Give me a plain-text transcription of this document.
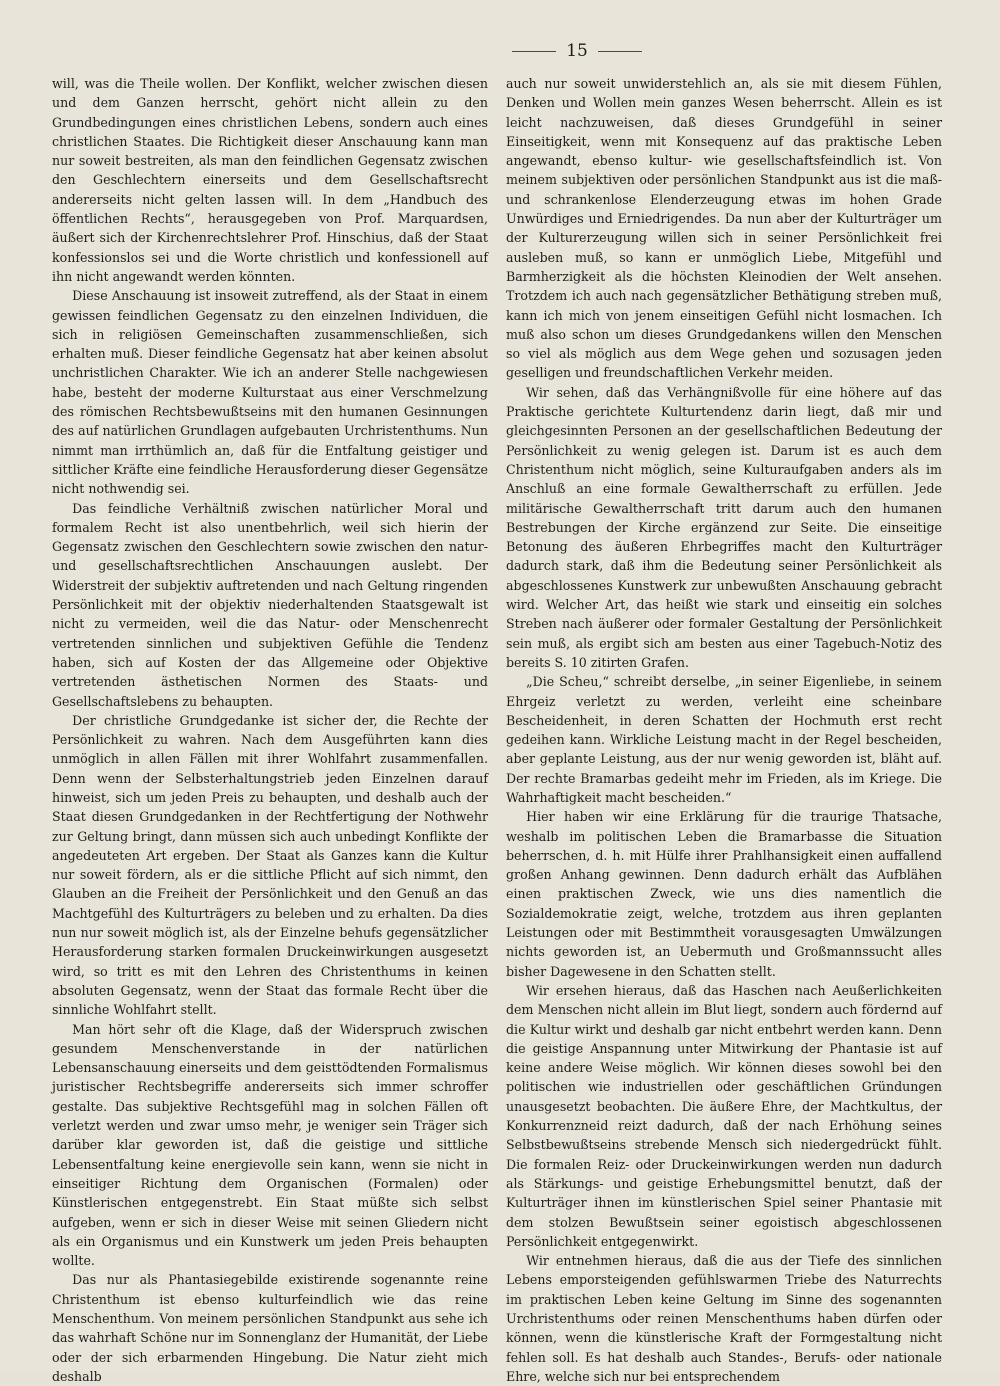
15

will, was die Theile wollen. Der Konflikt, welcher zwischen diesen und dem Ganzen herrscht, gehört nicht allein zu den Grundbedingungen eines christlichen Lebens, sondern auch eines christlichen Staates. Die Richtigkeit dieser Anschauung kann man nur soweit bestreiten, als man den feindlichen Gegensatz zwischen den Geschlechtern einerseits und dem Gesellschaftsrecht andererseits nicht gelten lassen will. In dem „Handbuch des öffentlichen Rechts“, herausgegeben von Prof. Marquardsen, äußert sich der Kirchenrechtslehrer Prof. Hinschius, daß der Staat konfessionslos sei und die Worte christlich und konfessionell auf ihn nicht angewandt werden könnten.

Diese Anschauung ist insoweit zutreffend, als der Staat in einem gewissen feindlichen Gegensatz zu den einzelnen Individuen, die sich in religiösen Gemeinschaften zusammenschließen, sich erhalten muß. Dieser feindliche Gegensatz hat aber keinen absolut unchristlichen Charakter. Wie ich an anderer Stelle nachgewiesen habe, besteht der moderne Kulturstaat aus einer Verschmelzung des römischen Rechtsbewußtseins mit den humanen Gesinnungen des auf natürlichen Grundlagen aufgebauten Urchristenthums. Nun nimmt man irrthümlich an, daß für die Entfaltung geistiger und sittlicher Kräfte eine feindliche Herausforderung dieser Gegensätze nicht nothwendig sei.

Das feindliche Verhältniß zwischen natürlicher Moral und formalem Recht ist also unentbehrlich, weil sich hierin der Gegensatz zwischen den Geschlechtern sowie zwischen den natur- und gesellschaftsrechtlichen Anschauungen auslebt. Der Widerstreit der subjektiv auftretenden und nach Geltung ringenden Persönlichkeit mit der objektiv niederhaltenden Staatsgewalt ist nicht zu vermeiden, weil die das Natur- oder Menschenrecht vertretenden sinnlichen und subjektiven Gefühle die Tendenz haben, sich auf Kosten der das Allgemeine oder Objektive vertretenden ästhetischen Normen des Staats- und Gesellschaftslebens zu behaupten.

Der christliche Grundgedanke ist sicher der, die Rechte der Persönlichkeit zu wahren. Nach dem Ausgeführten kann dies unmöglich in allen Fällen mit ihrer Wohlfahrt zusammenfallen. Denn wenn der Selbsterhaltungstrieb jeden Einzelnen darauf hinweist, sich um jeden Preis zu behaupten, und deshalb auch der Staat diesen Grundgedanken in der Rechtfertigung der Nothwehr zur Geltung bringt, dann müssen sich auch unbedingt Konflikte der angedeuteten Art ergeben. Der Staat als Ganzes kann die Kultur nur soweit fördern, als er die sittliche Pflicht auf sich nimmt, den Glauben an die Freiheit der Persönlichkeit und den Genuß an das Machtgefühl des Kulturträgers zu beleben und zu erhalten. Da dies nun nur soweit möglich ist, als der Einzelne behufs gegensätzlicher Herausforderung starken formalen Druckeinwirkungen ausgesetzt wird, so tritt es mit den Lehren des Christenthums in keinen absoluten Gegensatz, wenn der Staat das formale Recht über die sinnliche Wohlfahrt stellt.

Man hört sehr oft die Klage, daß der Widerspruch zwischen gesundem Menschenverstande in der natürlichen Lebensanschauung einerseits und dem geisttödtenden Formalismus juristischer Rechtsbegriffe andererseits sich immer schroffer gestalte. Das subjektive Rechtsgefühl mag in solchen Fällen oft verletzt werden und zwar umso mehr, je weniger sein Träger sich darüber klar geworden ist, daß die geistige und sittliche Lebensentfaltung keine energievolle sein kann, wenn sie nicht in einseitiger Richtung dem Organischen (Formalen) oder Künstlerischen entgegenstrebt. Ein Staat müßte sich selbst aufgeben, wenn er sich in dieser Weise mit seinen Gliedern nicht als ein Organismus und ein Kunstwerk um jeden Preis behaupten wollte.

Das nur als Phantasiegebilde existirende sogenannte reine Christenthum ist ebenso kulturfeindlich wie das reine Menschenthum. Von meinem persönlichen Standpunkt aus sehe ich das wahrhaft Schöne nur im Sonnenglanz der Humanität, der Liebe oder der sich erbarmenden Hingebung. Die Natur zieht mich deshalb

auch nur soweit unwiderstehlich an, als sie mit diesem Fühlen, Denken und Wollen mein ganzes Wesen beherrscht. Allein es ist leicht nachzuweisen, daß dieses Grundgefühl in seiner Einseitigkeit, wenn mit Konsequenz auf das praktische Leben angewandt, ebenso kultur- wie gesellschaftsfeindlich ist. Von meinem subjektiven oder persönlichen Standpunkt aus ist die maß- und schrankenlose Elenderzeugung etwas im hohen Grade Unwürdiges und Erniedrigendes. Da nun aber der Kulturträger um der Kulturerzeugung willen sich in seiner Persönlichkeit frei ausleben muß, so kann er unmöglich Liebe, Mitgefühl und Barmherzigkeit als die höchsten Kleinodien der Welt ansehen. Trotzdem ich auch nach gegensätzlicher Bethätigung streben muß, kann ich mich von jenem einseitigen Gefühl nicht losmachen. Ich muß also schon um dieses Grundgedankens willen den Menschen so viel als möglich aus dem Wege gehen und sozusagen jeden geselligen und freundschaftlichen Verkehr meiden.

Wir sehen, daß das Verhängnißvolle für eine höhere auf das Praktische gerichtete Kulturtendenz darin liegt, daß mir und gleichgesinnten Personen an der gesellschaftlichen Bedeutung der Persönlichkeit zu wenig gelegen ist. Darum ist es auch dem Christenthum nicht möglich, seine Kulturaufgaben anders als im Anschluß an eine formale Gewaltherrschaft zu erfüllen. Jede militärische Gewaltherrschaft tritt darum auch den humanen Bestrebungen der Kirche ergänzend zur Seite. Die einseitige Betonung des äußeren Ehrbegriffes macht den Kulturträger dadurch stark, daß ihm die Bedeutung seiner Persönlichkeit als abgeschlossenes Kunstwerk zur unbewußten Anschauung gebracht wird. Welcher Art, das heißt wie stark und einseitig ein solches Streben nach äußerer oder formaler Gestaltung der Persönlichkeit sein muß, als ergibt sich am besten aus einer Tagebuch-Notiz des bereits S. 10 zitirten Grafen.

„Die Scheu,“ schreibt derselbe, „in seiner Eigenliebe, in seinem Ehrgeiz verletzt zu werden, verleiht eine scheinbare Bescheidenheit, in deren Schatten der Hochmuth erst recht gedeihen kann. Wirkliche Leistung macht in der Regel bescheiden, aber geplante Leistung, aus der nur wenig geworden ist, bläht auf. Der rechte Bramarbas gedeiht mehr im Frieden, als im Kriege. Die Wahrhaftigkeit macht bescheiden.“

Hier haben wir eine Erklärung für die traurige Thatsache, weshalb im politischen Leben die Bramarbasse die Situation beherrschen, d. h. mit Hülfe ihrer Prahlhansigkeit einen auffallend großen Anhang gewinnen. Denn dadurch erhält das Aufblähen einen praktischen Zweck, wie uns dies namentlich die Sozialdemokratie zeigt, welche, trotzdem aus ihren geplanten Leistungen oder mit Bestimmtheit vorausgesagten Umwälzungen nichts geworden ist, an Uebermuth und Großmannssucht alles bisher Dagewesene in den Schatten stellt.

Wir ersehen hieraus, daß das Haschen nach Aeußerlichkeiten dem Menschen nicht allein im Blut liegt, sondern auch fördernd auf die Kultur wirkt und deshalb gar nicht entbehrt werden kann. Denn die geistige Anspannung unter Mitwirkung der Phantasie ist auf keine andere Weise möglich. Wir können dieses sowohl bei den politischen wie industriellen oder geschäftlichen Gründungen unausgesetzt beobachten. Die äußere Ehre, der Machtkultus, der Konkurrenzneid reizt dadurch, daß der nach Erhöhung seines Selbstbewußtseins strebende Mensch sich niedergedrückt fühlt. Die formalen Reiz- oder Druckeinwirkungen werden nun dadurch als Stärkungs- und geistige Erhebungsmittel benutzt, daß der Kulturträger ihnen im künstlerischen Spiel seiner Phantasie mit dem stolzen Bewußtsein seiner egoistisch abgeschlossenen Persönlichkeit entgegenwirkt.

Wir entnehmen hieraus, daß die aus der Tiefe des sinnlichen Lebens emporsteigenden gefühlswarmen Triebe des Naturrechts im praktischen Leben keine Geltung im Sinne des sogenannten Urchristenthums oder reinen Menschenthums haben dürfen oder können, wenn die künstlerische Kraft der Formgestaltung nicht fehlen soll. Es hat deshalb auch Standes-, Berufs- oder nationale Ehre, welche sich nur bei entsprechendem
